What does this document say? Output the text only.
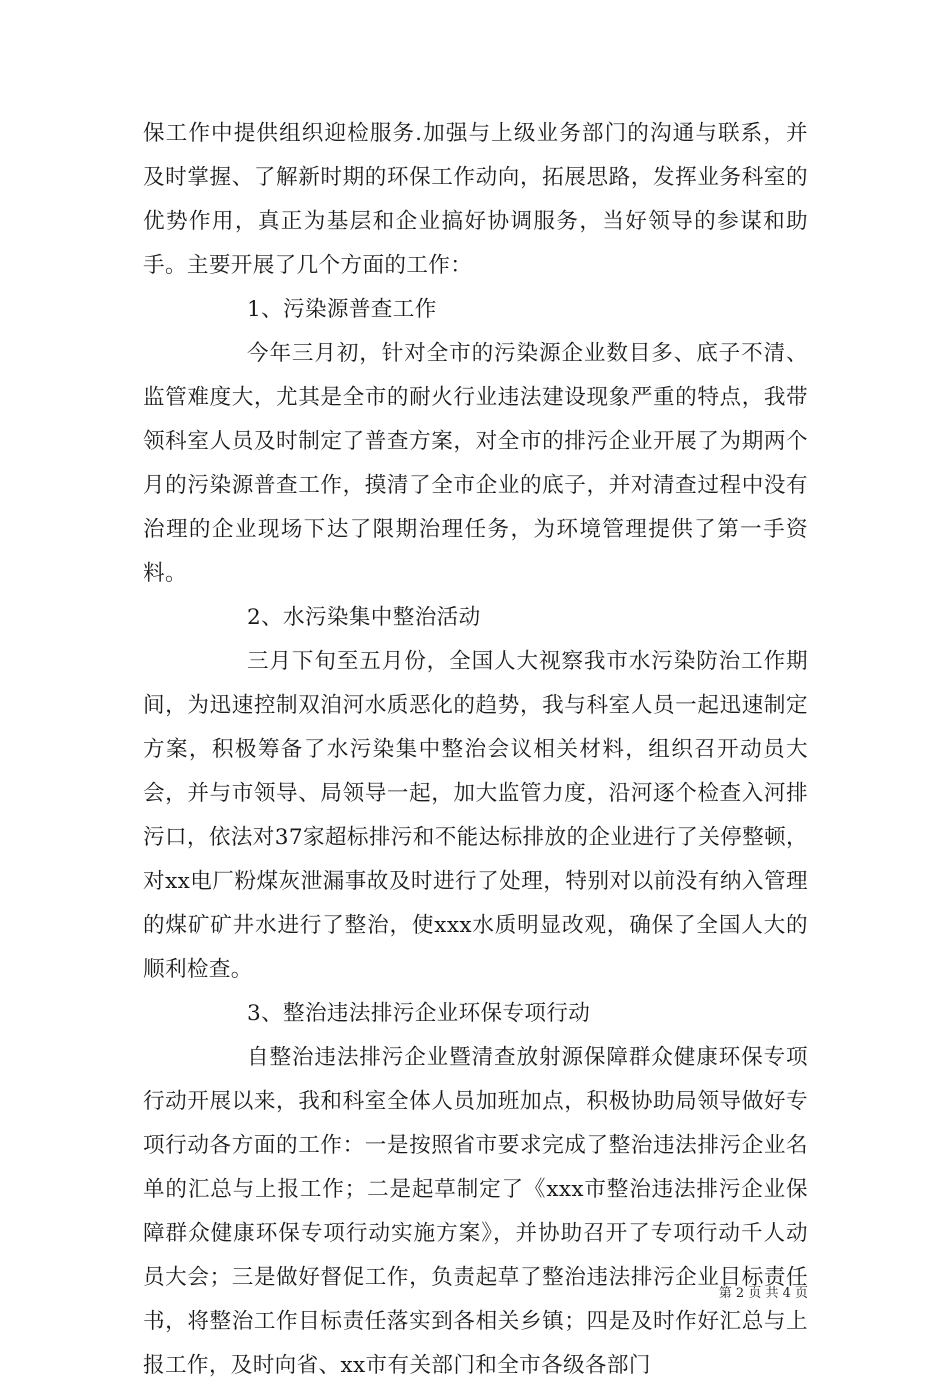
保工作中提供组织迎检服务.加强与上级业务部门的沟通与联系，并及时掌握、了解新时期的环保工作动向，拓展思路，发挥业务科室的优势作用，真正为基层和企业搞好协调服务，当好领导的参谋和助手。主要开展了几个方面的工作：

1、污染源普查工作

今年三月初，针对全市的污染源企业数目多、底子不清、监管难度大，尤其是全市的耐火行业违法建设现象严重的特点，我带领科室人员及时制定了普查方案，对全市的排污企业开展了为期两个月的污染源普查工作，摸清了全市企业的底子，并对清查过程中没有治理的企业现场下达了限期治理任务，为环境管理提供了第一手资料。

2、水污染集中整治活动

三月下旬至五月份，全国人大视察我市水污染防治工作期间，为迅速控制双洎河水质恶化的趋势，我与科室人员一起迅速制定方案，积极筹备了水污染集中整治会议相关材料，组织召开动员大会，并与市领导、局领导一起，加大监管力度，沿河逐个检查入河排污口，依法对37家超标排污和不能达标排放的企业进行了关停整顿，对xx电厂粉煤灰泄漏事故及时进行了处理，特别对以前没有纳入管理的煤矿矿井水进行了整治，使xxx水质明显改观，确保了全国人大的顺利检查。

3、整治违法排污企业环保专项行动

自整治违法排污企业暨清查放射源保障群众健康环保专项行动开展以来，我和科室全体人员加班加点，积极协助局领导做好专项行动各方面的工作：一是按照省市要求完成了整治违法排污企业名单的汇总与上报工作；二是起草制定了《xxx市整治违法排污企业保障群众健康环保专项行动实施方案》，并协助召开了专项行动千人动员大会；三是做好督促工作，负责起草了整治违法排污企业目标责任书，将整治工作目标责任落实到各相关乡镇；四是及时作好汇总与上报工作，及时向省、xx市有关部门和全市各级各部门

第 2 页 共 4 页
